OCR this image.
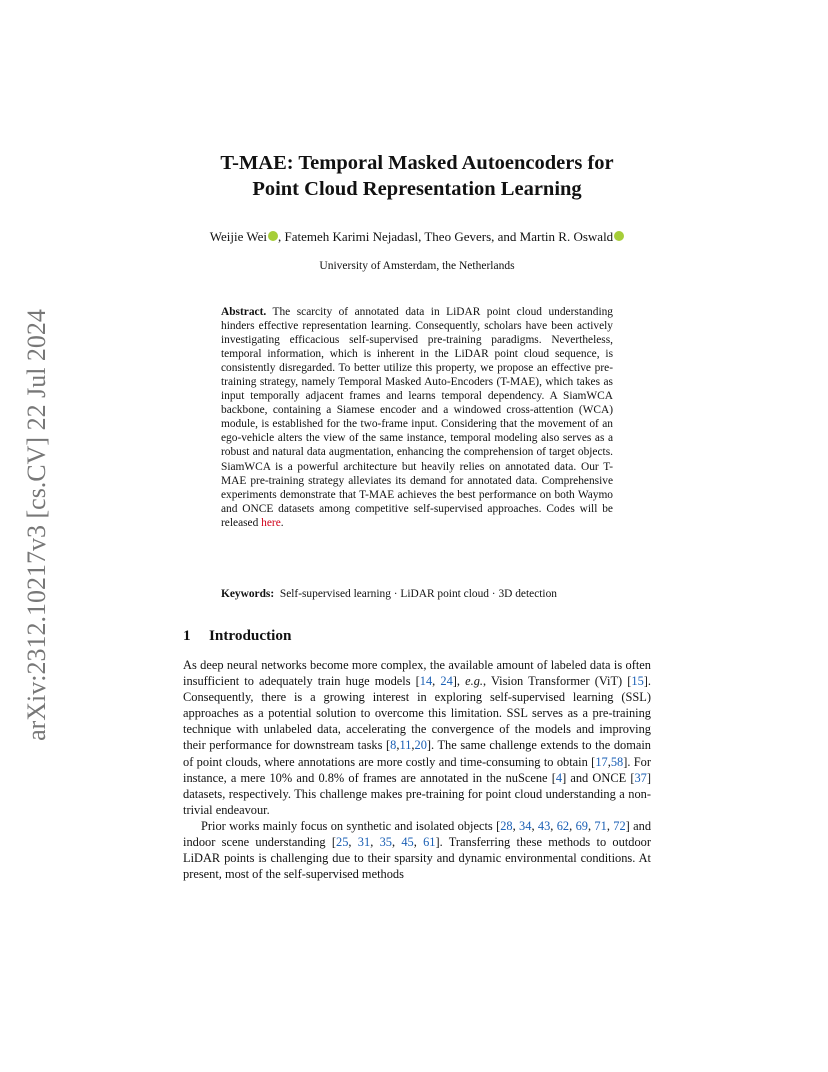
arXiv:2312.10217v3 [cs.CV] 22 Jul 2024
T-MAE: Temporal Masked Autoencoders for
Point Cloud Representation Learning
Weijie Wei , Fatemeh Karimi Nejadasl, Theo Gevers, and Martin R. Oswald
University of Amsterdam, the Netherlands
Abstract. The scarcity of annotated data in LiDAR point cloud understanding hinders effective representation learning. Consequently, scholars have been actively investigating efficacious self-supervised pre-training paradigms. Nevertheless, temporal information, which is inherent in the LiDAR point cloud sequence, is consistently disregarded. To better utilize this property, we propose an effective pre-training strategy, namely Temporal Masked Auto-Encoders (T-MAE), which takes as input temporally adjacent frames and learns temporal dependency. A SiamWCA backbone, containing a Siamese encoder and a windowed cross-attention (WCA) module, is established for the two-frame input. Considering that the movement of an ego-vehicle alters the view of the same instance, temporal modeling also serves as a robust and natural data augmentation, enhancing the comprehension of target objects. SiamWCA is a powerful architecture but heavily relies on annotated data. Our T-MAE pre-training strategy alleviates its demand for annotated data. Comprehensive experiments demonstrate that T-MAE achieves the best performance on both Waymo and ONCE datasets among competitive self-supervised approaches. Codes will be released here.
Keywords: Self-supervised learning · LiDAR point cloud · 3D detection
1 Introduction

As deep neural networks become more complex, the available amount of labeled data is often insufficient to adequately train huge models [14, 24], e.g., Vision Transformer (ViT) [15]. Consequently, there is a growing interest in exploring self-supervised learning (SSL) approaches as a potential solution to overcome this limitation. SSL serves as a pre-training technique with unlabeled data, accelerating the convergence of the models and improving their performance for downstream tasks [8,11,20]. The same challenge extends to the domain of point clouds, where annotations are more costly and time-consuming to obtain [17,58]. For instance, a mere 10% and 0.8% of frames are annotated in the nuScene [4] and ONCE [37] datasets, respectively. This challenge makes pre-training for point cloud understanding a non-trivial endeavour.

Prior works mainly focus on synthetic and isolated objects [28, 34, 43, 62, 69, 71, 72] and indoor scene understanding [25, 31, 35, 45, 61]. Transferring these methods to outdoor LiDAR points is challenging due to their sparsity and dynamic environmental conditions. At present, most of the self-supervised methods
